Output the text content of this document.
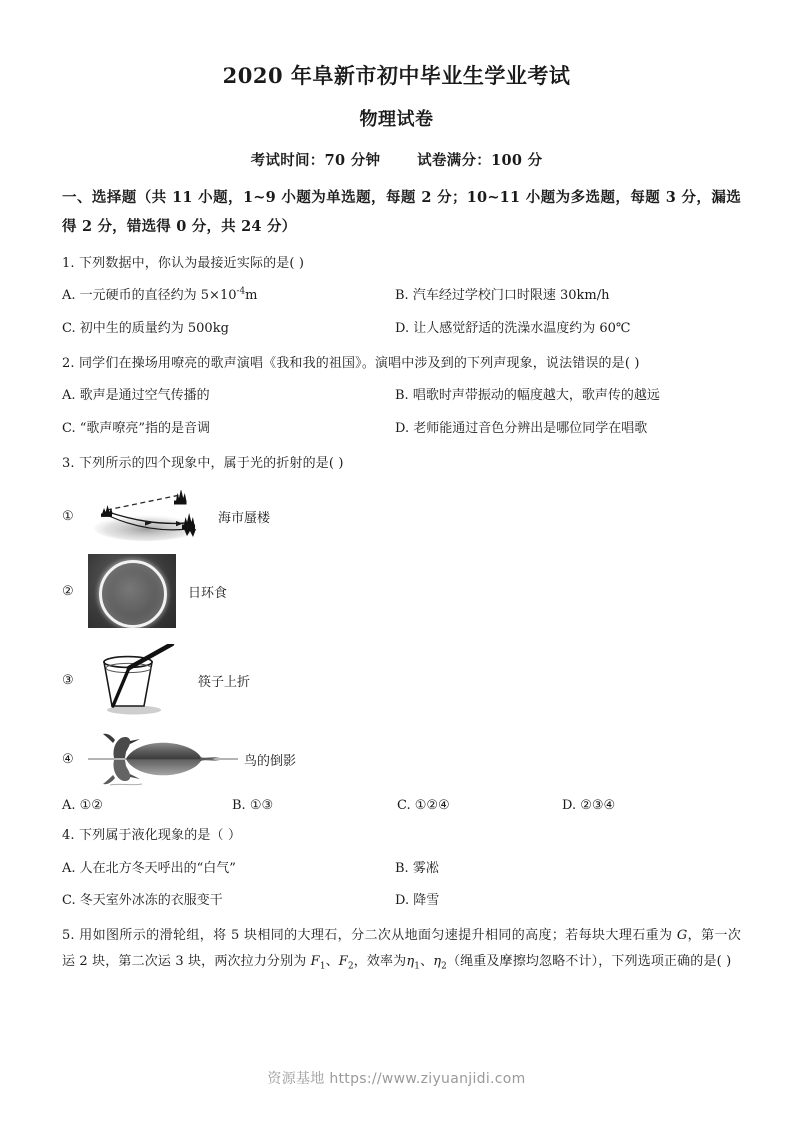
2020 年阜新市初中毕业生学业考试
物理试卷
考试时间：70 分钟	试卷满分：100 分
一、选择题（共 11 小题，1~9 小题为单选题，每题 2 分；10~11 小题为多选题，每题 3 分，漏选得 2 分，错选得 0 分，共 24 分）
1. 下列数据中，你认为最接近实际的是( )
A. 一元硬币的直径约为 $5\times 10^{-4}m$	B. 汽车经过学校门口时限速 30km/h
C. 初中生的质量约为 500kg	D. 让人感觉舒适的洗澡水温度约为 60℃
2. 同学们在操场用嘹亮的歌声演唱《我和我的祖国》。演唱中涉及到的下列声现象，说法错误的是( )
A. 歌声是通过空气传播的	B. 唱歌时声带振动的幅度越大，歌声传的越远
C. “歌声嘹亮”指的是音调	D. 老师能通过音色分辨出是哪位同学在唱歌
3. 下列所示的四个现象中，属于光的折射的是( )
①	海市蜃楼
②	日环食
③	筷子上折
④	鸟的倒影
A. ①②	B. ①③	C. ①②④	D. ②③④
4. 下列属于液化现象的是（ ）
A. 人在北方冬天呼出的“白气”	B. 雾凇
C. 冬天室外冰冻的衣服变干	D. 降雪
5. 用如图所示的滑轮组，将 5 块相同的大理石，分二次从地面匀速提升相同的高度；若每块大理石重为 G，第一次运 2 块，第二次运 3 块，两次拉力分别为 $F_1$、$F_2$，效率为$\eta_1$、$\eta_2$（绳重及摩擦均忽略不计），下列选项正确的是( )
资源基地 https://www.ziyuanjidi.com
